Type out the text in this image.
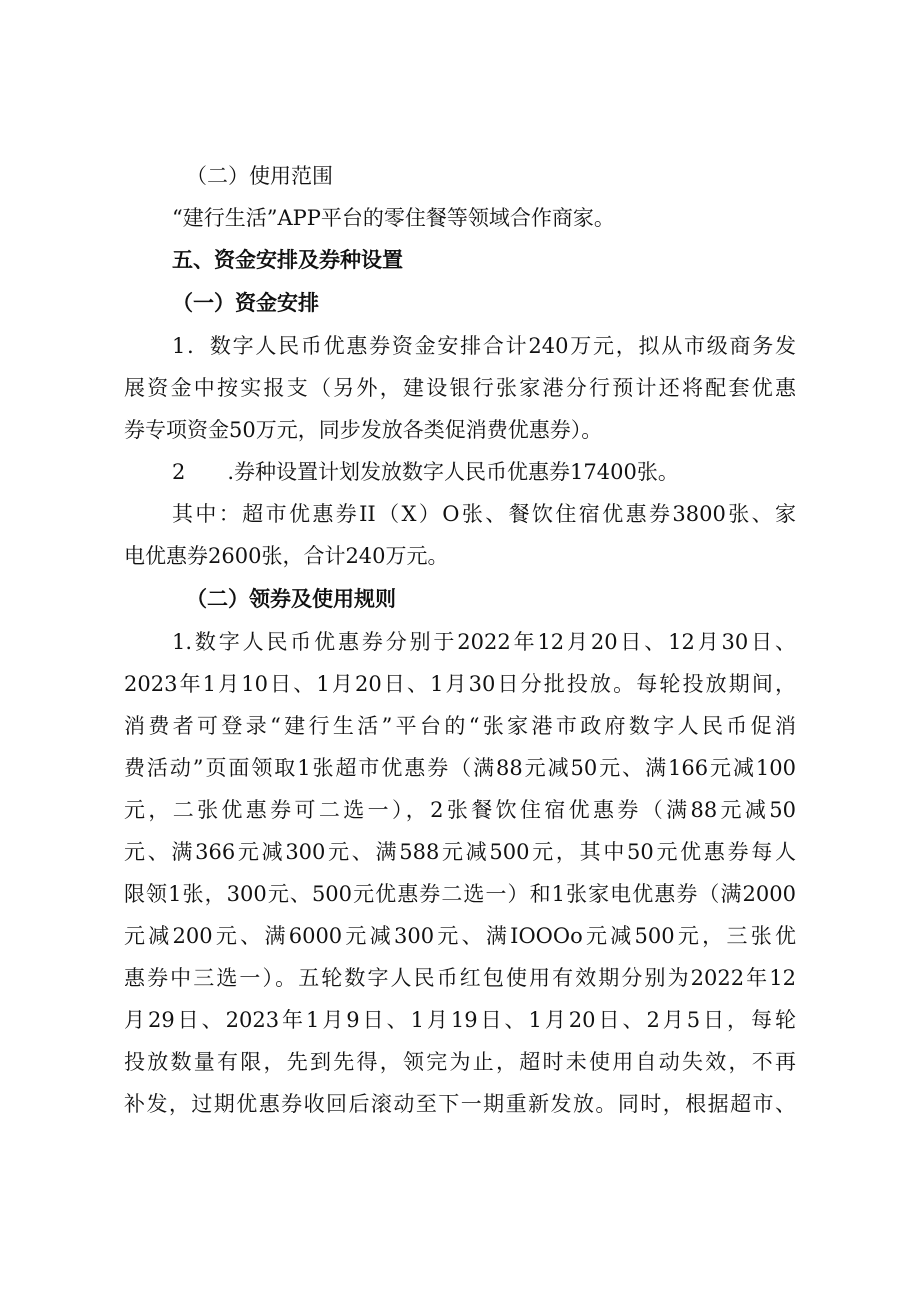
（二）使用范围

“建行生活”APP平台的零住餐等领域合作商家。

五、资金安排及券种设置

（一）资金安排

1．数字人民币优惠券资金安排合计240万元，拟从市级商务发

展资金中按实报支（另外，建设银行张家港分行预计还将配套优惠

券专项资金50万元，同步发放各类促消费优惠券）。

2　　.券种设置计划发放数字人民币优惠券17400张。

其中：超市优惠券II（X）O张、餐饮住宿优惠券3800张、家

电优惠券2600张，合计240万元。

（二）领券及使用规则

1.数字人民币优惠券分别于2022年12月20日、12月30日、

2023年1月10日、1月20日、1月30日分批投放。每轮投放期间，

消费者可登录“建行生活”平台的“张家港市政府数字人民币促消

费活动”页面领取1张超市优惠券（满88元减50元、满166元减100

元，二张优惠券可二选一），2张餐饮住宿优惠券（满88元减50

元、满366元减300元、满588元减500元，其中50元优惠券每人

限领1张，300元、500元优惠券二选一）和1张家电优惠券（满2000

元减200元、满6000元减300元、满IOOOo元减500元，三张优

惠券中三选一）。五轮数字人民币红包使用有效期分别为2022年12

月29日、2023年1月9日、1月19日、1月20日、2月5日，每轮

投放数量有限，先到先得，领完为止，超时未使用自动失效，不再

补发，过期优惠券收回后滚动至下一期重新发放。同时，根据超市、
